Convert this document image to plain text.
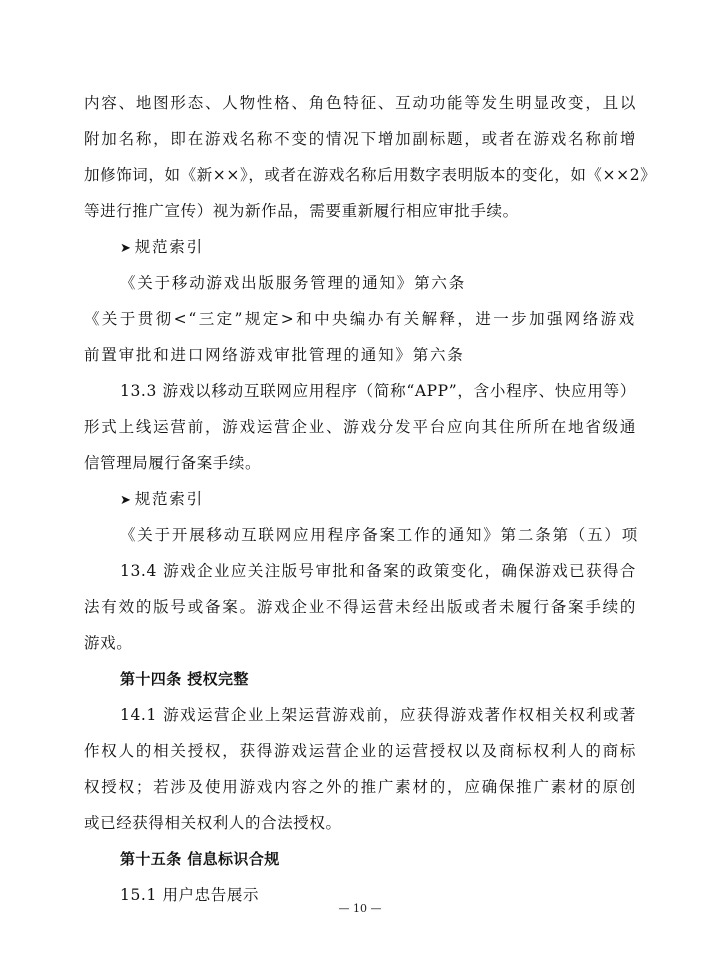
内容、地图形态、人物性格、角色特征、互动功能等发生明显改变，且以
附加名称，即在游戏名称不变的情况下增加副标题，或者在游戏名称前增
加修饰词，如《新××》，或者在游戏名称后用数字表明版本的变化，如《××2》
等进行推广宣传）视为新作品，需要重新履行相应审批手续。
➤ 规范索引
《关于移动游戏出版服务管理的通知》第六条
《关于贯彻<“三定”规定>和中央编办有关解释，进一步加强网络游戏
前置审批和进口网络游戏审批管理的通知》第六条
13.3 游戏以移动互联网应用程序（简称“APP”，含小程序、快应用等）
形式上线运营前，游戏运营企业、游戏分发平台应向其住所所在地省级通
信管理局履行备案手续。
➤ 规范索引
《关于开展移动互联网应用程序备案工作的通知》第二条第（五）项
13.4 游戏企业应关注版号审批和备案的政策变化，确保游戏已获得合
法有效的版号或备案。游戏企业不得运营未经出版或者未履行备案手续的
游戏。
第十四条 授权完整
14.1 游戏运营企业上架运营游戏前，应获得游戏著作权相关权利或著
作权人的相关授权，获得游戏运营企业的运营授权以及商标权利人的商标
权授权；若涉及使用游戏内容之外的推广素材的，应确保推广素材的原创
或已经获得相关权利人的合法授权。
第十五条 信息标识合规
15.1 用户忠告展示
— 10 —
